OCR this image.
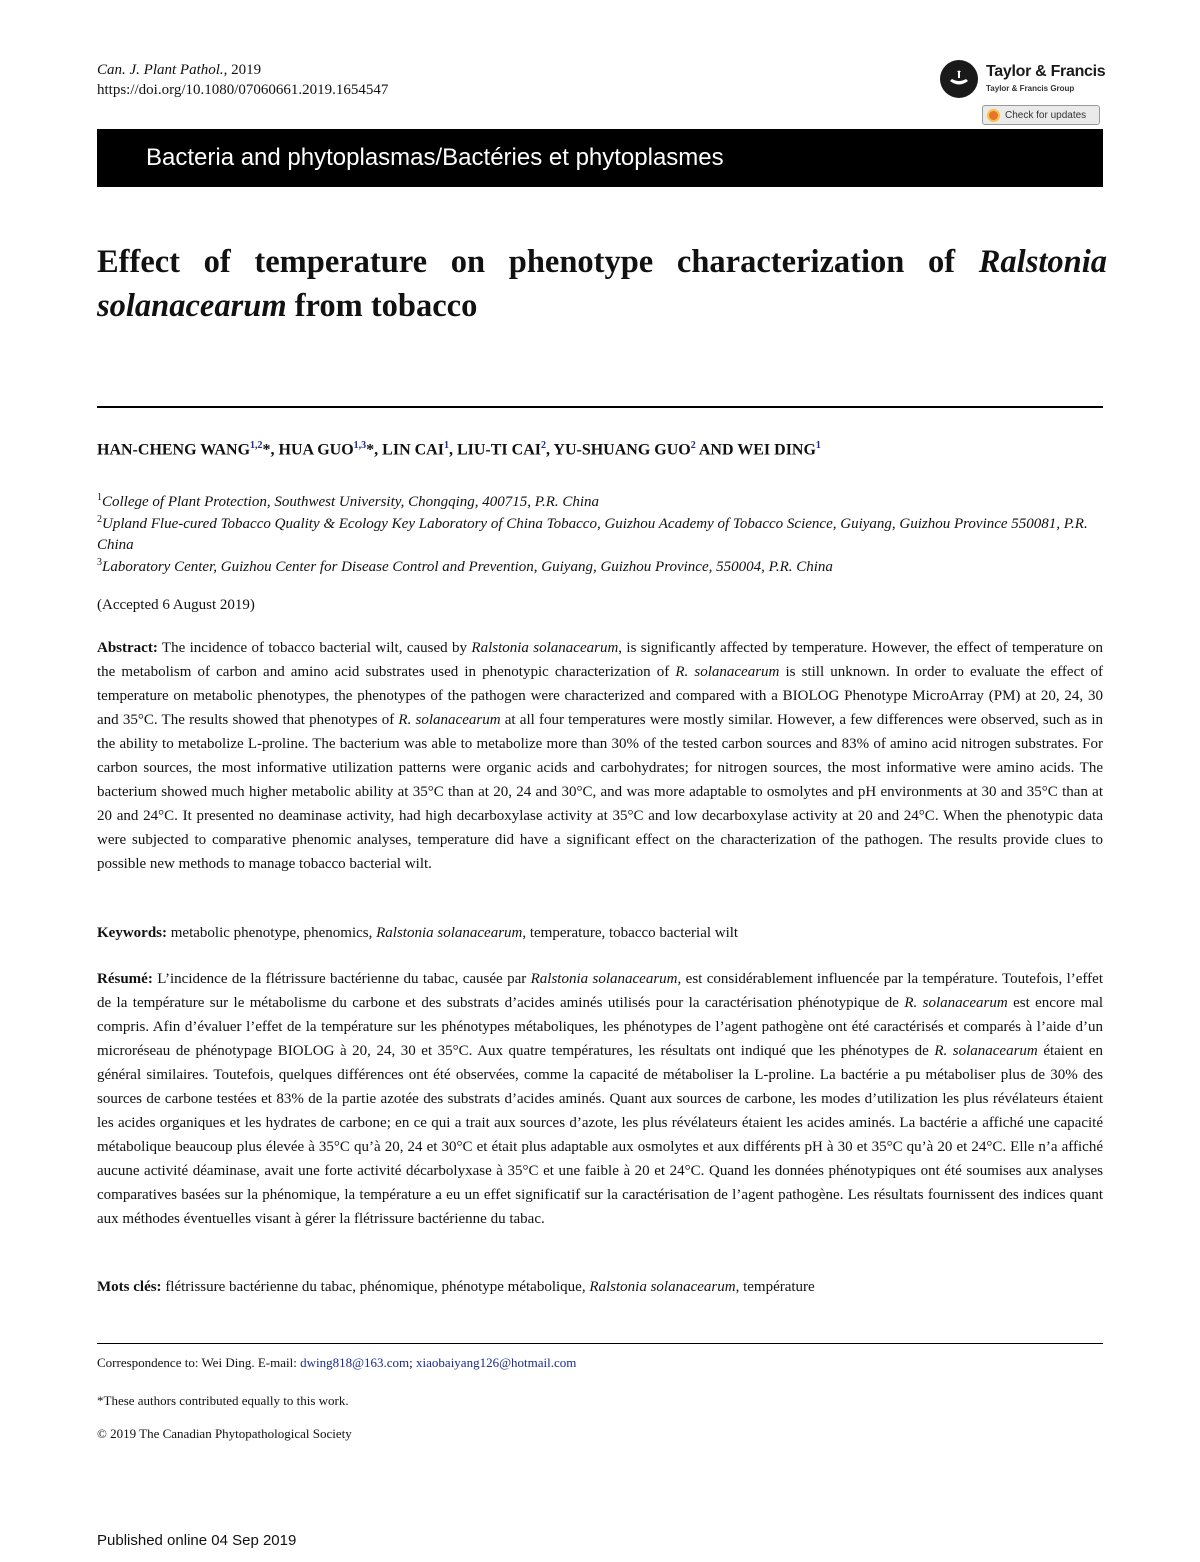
Can. J. Plant Pathol., 2019
https://doi.org/10.1080/07060661.2019.1654547
Taylor & Francis
Taylor & Francis Group
Check for updates
Bacteria and phytoplasmas/Bactéries et phytoplasmes
Effect of temperature on phenotype characterization of Ralstonia solanacearum from tobacco
HAN-CHENG WANG$^{1,2}$*, HUA GUO$^{1,3}$*, LIN CAI$^1$, LIU-TI CAI$^2$, YU-SHUANG GUO$^2$ AND WEI DING$^1$
$^1$College of Plant Protection, Southwest University, Chongqing, 400715, P.R. China
$^2$Upland Flue-cured Tobacco Quality & Ecology Key Laboratory of China Tobacco, Guizhou Academy of Tobacco Science, Guiyang, Guizhou Province 550081, P.R. China
$^3$Laboratory Center, Guizhou Center for Disease Control and Prevention, Guiyang, Guizhou Province, 550004, P.R. China
(Accepted 6 August 2019)
Abstract: The incidence of tobacco bacterial wilt, caused by Ralstonia solanacearum, is significantly affected by temperature. However, the effect of temperature on the metabolism of carbon and amino acid substrates used in phenotypic characterization of R. solanacearum is still unknown. In order to evaluate the effect of temperature on metabolic phenotypes, the phenotypes of the pathogen were characterized and compared with a BIOLOG Phenotype MicroArray (PM) at 20, 24, 30 and 35°C. The results showed that phenotypes of R. solanacearum at all four temperatures were mostly similar. However, a few differences were observed, such as in the ability to metabolize L-proline. The bacterium was able to metabolize more than 30% of the tested carbon sources and 83% of amino acid nitrogen substrates. For carbon sources, the most informative utilization patterns were organic acids and carbohydrates; for nitrogen sources, the most informative were amino acids. The bacterium showed much higher metabolic ability at 35°C than at 20, 24 and 30°C, and was more adaptable to osmolytes and pH environments at 30 and 35°C than at 20 and 24°C. It presented no deaminase activity, had high decarboxylase activity at 35°C and low decarboxylase activity at 20 and 24°C. When the phenotypic data were subjected to comparative phenomic analyses, temperature did have a significant effect on the characterization of the pathogen. The results provide clues to possible new methods to manage tobacco bacterial wilt.
Keywords: metabolic phenotype, phenomics, Ralstonia solanacearum, temperature, tobacco bacterial wilt
Résumé: L’incidence de la flétrissure bactérienne du tabac, causée par Ralstonia solanacearum, est considérablement influencée par la température. Toutefois, l’effet de la température sur le métabolisme du carbone et des substrats d’acides aminés utilisés pour la caractérisation phénotypique de R. solanacearum est encore mal compris. Afin d’évaluer l’effet de la température sur les phénotypes métaboliques, les phénotypes de l’agent pathogène ont été caractérisés et comparés à l’aide d’un microréseau de phénotypage BIOLOG à 20, 24, 30 et 35°C. Aux quatre températures, les résultats ont indiqué que les phénotypes de R. solanacearum étaient en général similaires. Toutefois, quelques différences ont été observées, comme la capacité de métaboliser la L-proline. La bactérie a pu métaboliser plus de 30% des sources de carbone testées et 83% de la partie azotée des substrats d’acides aminés. Quant aux sources de carbone, les modes d’utilization les plus révélateurs étaient les acides organiques et les hydrates de carbone; en ce qui a trait aux sources d’azote, les plus révélateurs étaient les acides aminés. La bactérie a affiché une capacité métabolique beaucoup plus élevée à 35°C qu’à 20, 24 et 30°C et était plus adaptable aux osmolytes et aux différents pH à 30 et 35°C qu’à 20 et 24°C. Elle n’a affiché aucune activité déaminase, avait une forte activité décarbolyxase à 35°C et une faible à 20 et 24°C. Quand les données phénotypiques ont été soumises aux analyses comparatives basées sur la phénomique, la température a eu un effet significatif sur la caractérisation de l’agent pathogène. Les résultats fournissent des indices quant aux méthodes éventuelles visant à gérer la flétrissure bactérienne du tabac.
Mots clés: flétrissure bactérienne du tabac, phénomique, phénotype métabolique, Ralstonia solanacearum, température
Correspondence to: Wei Ding. E-mail: dwing818@163.com; xiaobaiyang126@hotmail.com
*These authors contributed equally to this work.
© 2019 The Canadian Phytopathological Society
Published online 04 Sep 2019
